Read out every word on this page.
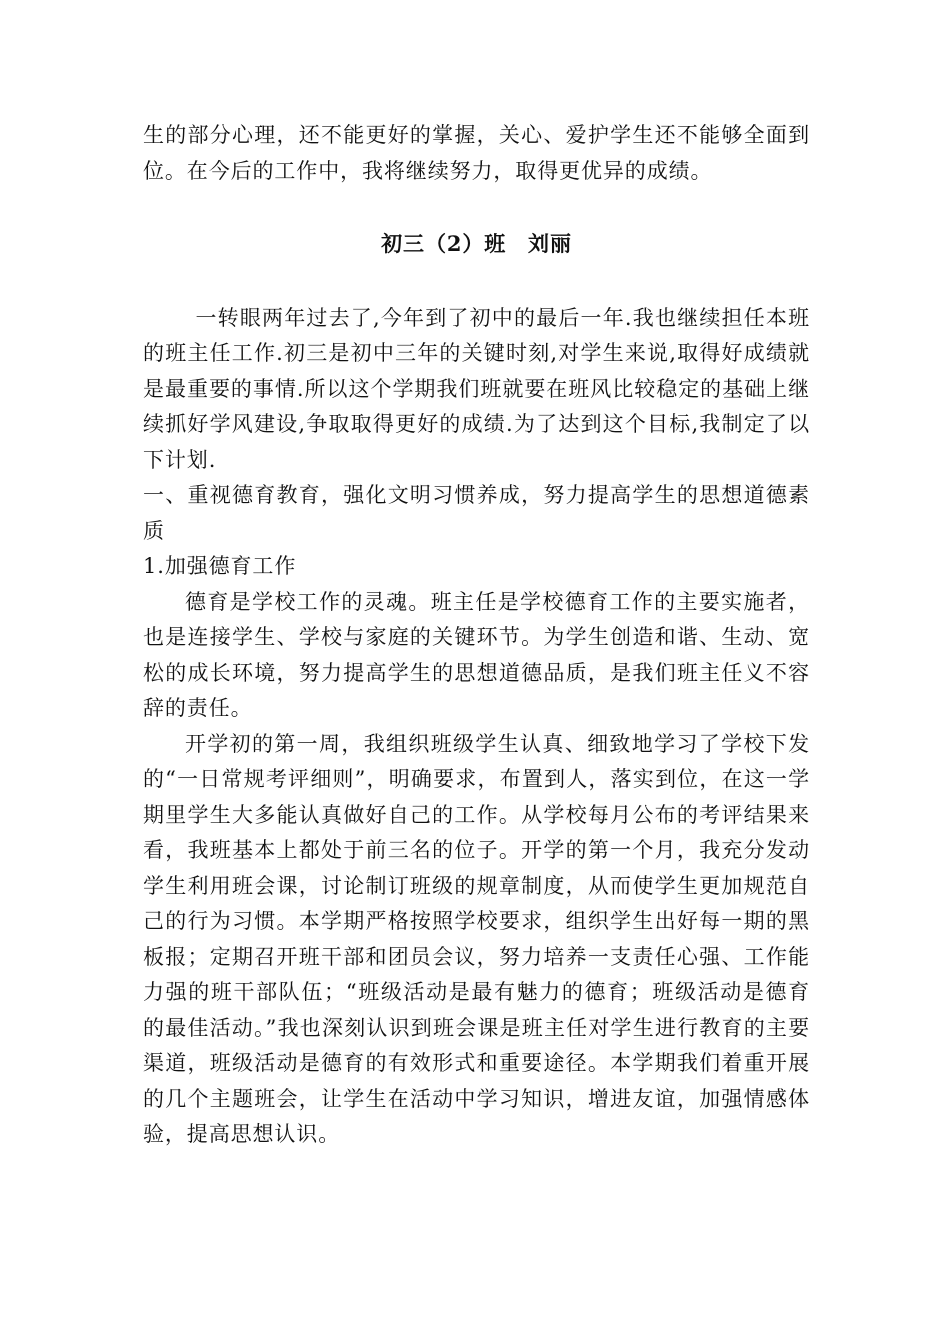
生的部分心理，还不能更好的掌握，关心、爱护学生还不能够全面到位。在今后的工作中，我将继续努力，取得更优异的成绩。

初三（2）班　刘丽

一转眼两年过去了,今年到了初中的最后一年.我也继续担任本班的班主任工作.初三是初中三年的关键时刻,对学生来说,取得好成绩就是最重要的事情.所以这个学期我们班就要在班风比较稳定的基础上继续抓好学风建设,争取取得更好的成绩.为了达到这个目标,我制定了以下计划.

一、重视德育教育，强化文明习惯养成，努力提高学生的思想道德素质

1.加强德育工作

德育是学校工作的灵魂。班主任是学校德育工作的主要实施者，也是连接学生、学校与家庭的关键环节。为学生创造和谐、生动、宽松的成长环境，努力提高学生的思想道德品质，是我们班主任义不容辞的责任。

开学初的第一周，我组织班级学生认真、细致地学习了学校下发的“一日常规考评细则”，明确要求，布置到人，落实到位，在这一学期里学生大多能认真做好自己的工作。从学校每月公布的考评结果来看，我班基本上都处于前三名的位子。开学的第一个月，我充分发动学生利用班会课，讨论制订班级的规章制度，从而使学生更加规范自己的行为习惯。本学期严格按照学校要求，组织学生出好每一期的黑板报；定期召开班干部和团员会议，努力培养一支责任心强、工作能力强的班干部队伍；“班级活动是最有魅力的德育；班级活动是德育的最佳活动。”我也深刻认识到班会课是班主任对学生进行教育的主要渠道，班级活动是德育的有效形式和重要途径。本学期我们着重开展的几个主题班会，让学生在活动中学习知识，增进友谊，加强情感体验，提高思想认识。
